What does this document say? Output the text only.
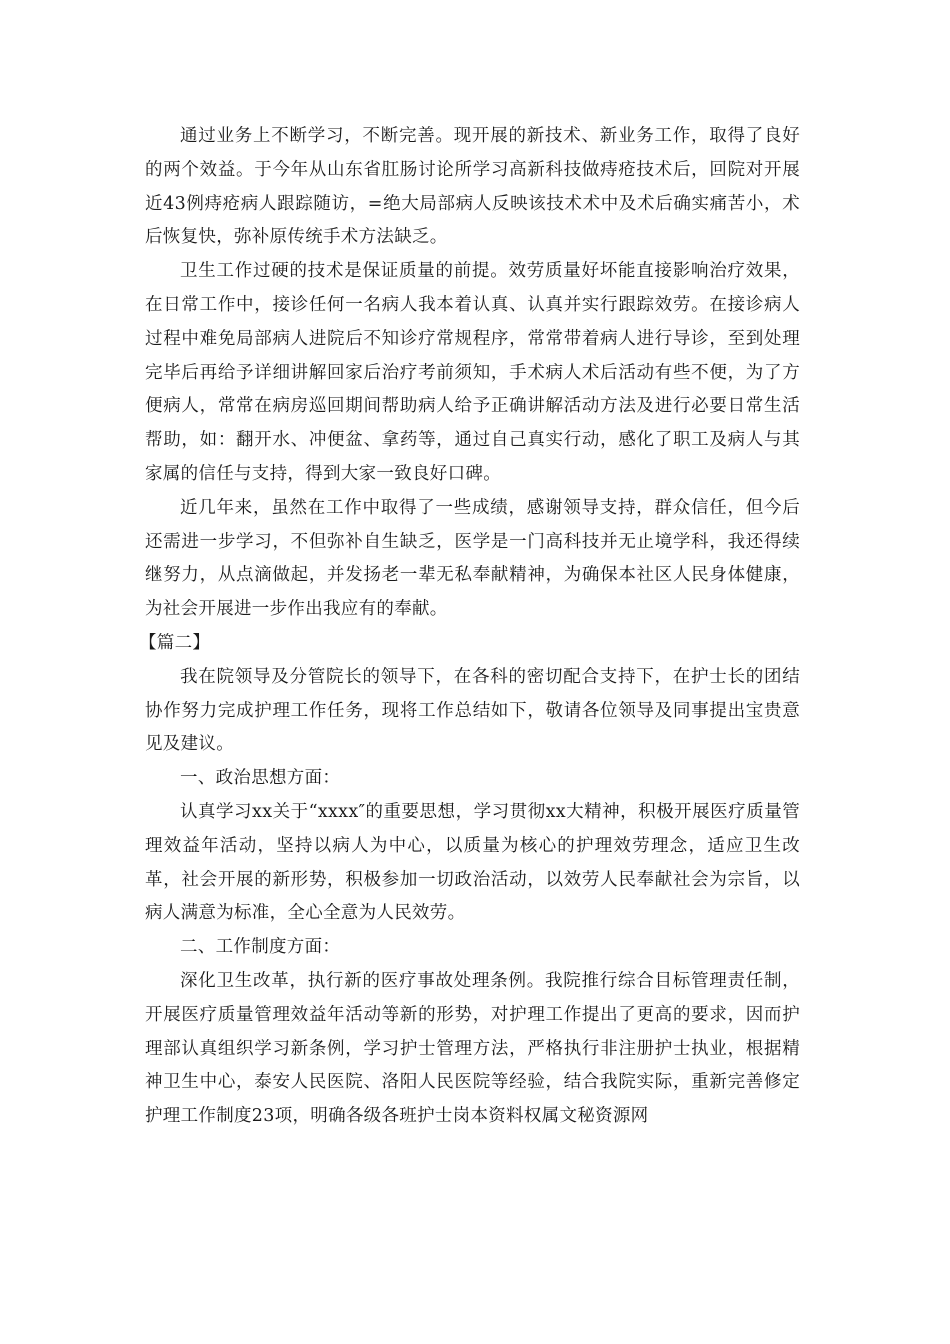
通过业务上不断学习，不断完善。现开展的新技术、新业务工作，取得了良好的两个效益。于今年从山东省肛肠讨论所学习高新科技做痔疮技术后，回院对开展近43例痔疮病人跟踪随访，=绝大局部病人反映该技术术中及术后确实痛苦小，术后恢复快，弥补原传统手术方法缺乏。

卫生工作过硬的技术是保证质量的前提。效劳质量好坏能直接影响治疗效果，在日常工作中，接诊任何一名病人我本着认真、认真并实行跟踪效劳。在接诊病人过程中难免局部病人进院后不知诊疗常规程序，常常带着病人进行导诊，至到处理完毕后再给予详细讲解回家后治疗考前须知，手术病人术后活动有些不便，为了方便病人，常常在病房巡回期间帮助病人给予正确讲解活动方法及进行必要日常生活帮助，如：翻开水、冲便盆、拿药等，通过自己真实行动，感化了职工及病人与其家属的信任与支持，得到大家一致良好口碑。

近几年来，虽然在工作中取得了一些成绩，感谢领导支持，群众信任，但今后还需进一步学习，不但弥补自生缺乏，医学是一门高科技并无止境学科，我还得续继努力，从点滴做起，并发扬老一辈无私奉献精神，为确保本社区人民身体健康，为社会开展进一步作出我应有的奉献。

【篇二】

我在院领导及分管院长的领导下，在各科的密切配合支持下，在护士长的团结协作努力完成护理工作任务，现将工作总结如下，敬请各位领导及同事提出宝贵意见及建议。

一、政治思想方面：

认真学习xx关于“xxxx″的重要思想，学习贯彻xx大精神，积极开展医疗质量管理效益年活动，坚持以病人为中心，以质量为核心的护理效劳理念，适应卫生改革，社会开展的新形势，积极参加一切政治活动，以效劳人民奉献社会为宗旨，以病人满意为标准，全心全意为人民效劳。

二、工作制度方面：

深化卫生改革，执行新的医疗事故处理条例。我院推行综合目标管理责任制，开展医疗质量管理效益年活动等新的形势，对护理工作提出了更高的要求，因而护理部认真组织学习新条例，学习护士管理方法，严格执行非注册护士执业，根据精神卫生中心，泰安人民医院、洛阳人民医院等经验，结合我院实际，重新完善修定护理工作制度23项，明确各级各班护士岗本资料权属文秘资源网
